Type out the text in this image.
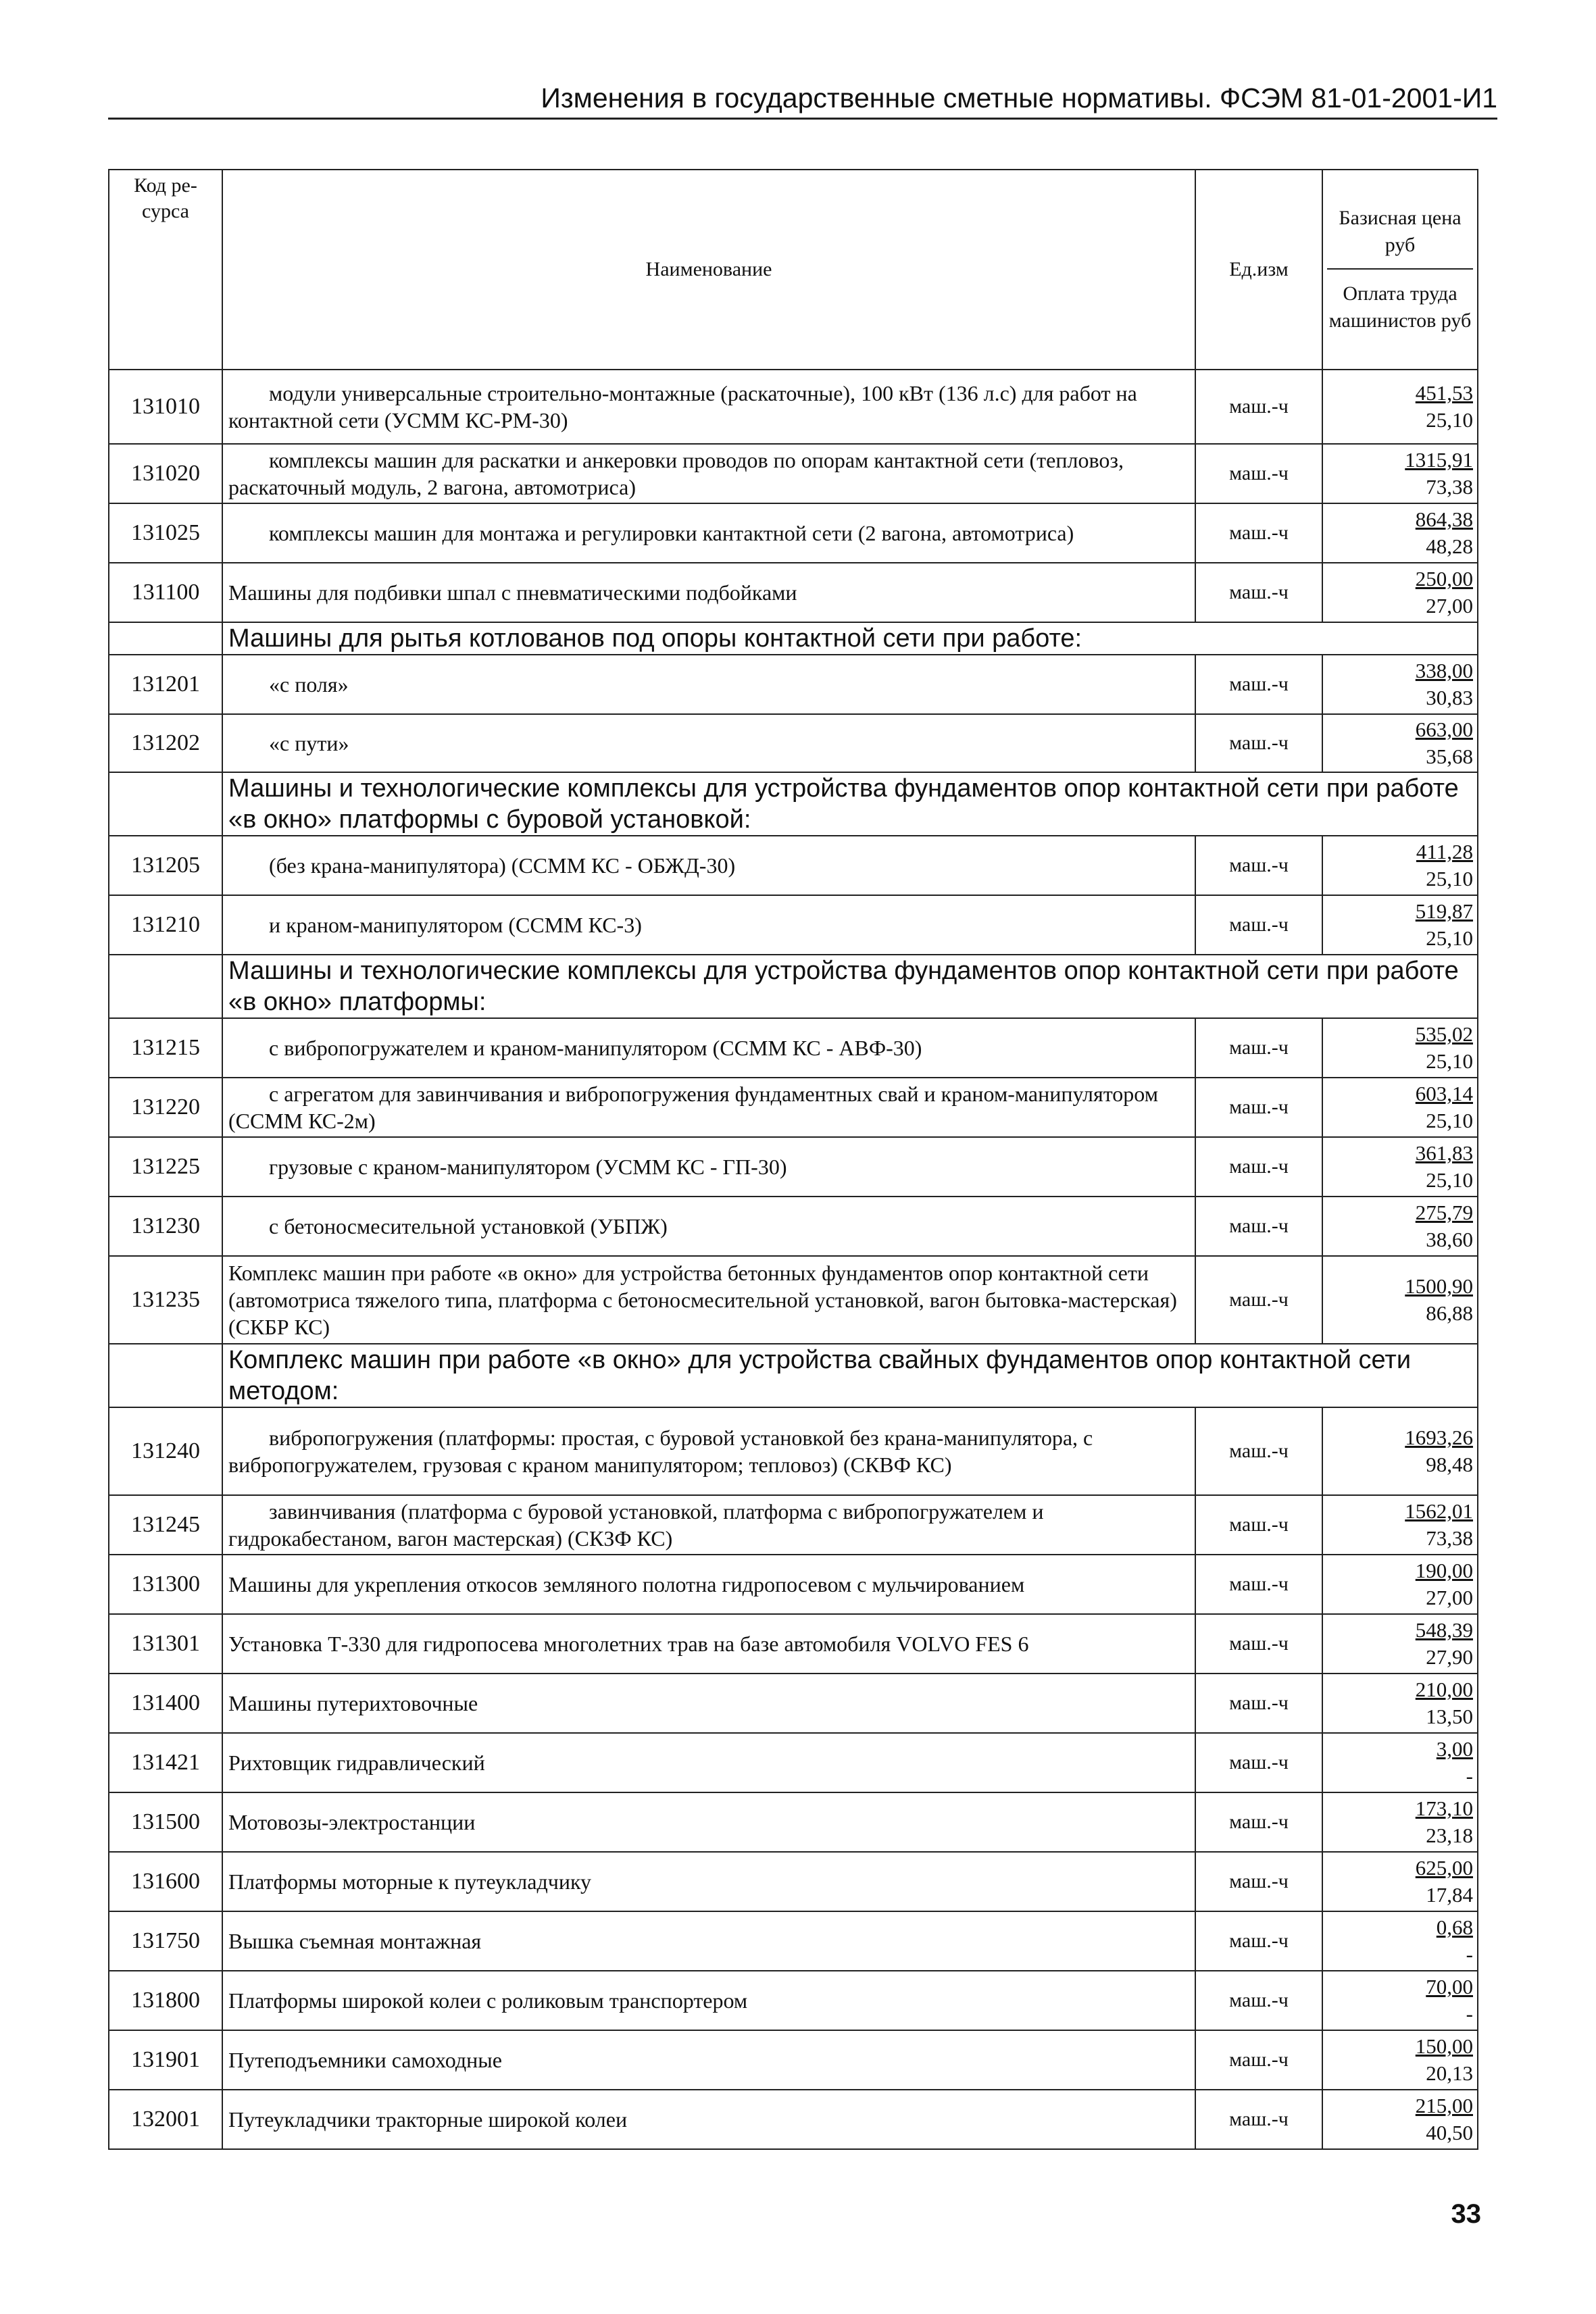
Изменения в государственные сметные нормативы. ФСЭМ 81-01-2001-И1
Код ре-сурса	Наименование	Ед.изм	Базисная цена руб
Оплата труда машинистов руб

131010	модули универсальные строительно-монтажные (раскаточные), 100 кВт (136 л.с) для работ на контактной сети (УСММ КС-РМ-30)	маш.-ч	451,53
25,10

131020	комплексы машин для раскатки и анкеровки проводов по опорам кантактной сети (тепловоз, раскаточный модуль, 2 вагона, автомотриса)	маш.-ч	1315,91
73,38

131025	комплексы машин для монтажа и регулировки кантактной сети (2 вагона, автомотриса)	маш.-ч	864,38
48,28

131100	Машины для подбивки шпал с пневматическими подбойками	маш.-ч	250,00
27,00

	Машины для рытья котлованов под опоры контактной сети при работе:		
131201	«с поля»	маш.-ч	338,00
30,83

131202	«с пути»	маш.-ч	663,00
35,68

	Машины и технологические комплексы для устройства фундаментов опор контактной сети при работе «в окно» платформы с буровой установкой:		
131205	(без крана-манипулятора) (ССММ КС - ОБЖД-30)	маш.-ч	411,28
25,10

131210	и краном-манипулятором (ССММ КС-3)	маш.-ч	519,87
25,10

	Машины и технологические комплексы для устройства фундаментов опор контактной сети при работе «в окно» платформы:		
131215	с вибропогружателем и краном-манипулятором (ССММ КС - АВФ-30)	маш.-ч	535,02
25,10

131220	с агрегатом для завинчивания и вибропогружения фундаментных свай и краном-манипулятором (ССММ КС-2м)	маш.-ч	603,14
25,10

131225	грузовые с краном-манипулятором (УСММ КС - ГП-30)	маш.-ч	361,83
25,10

131230	с бетоносмесительной установкой (УБПЖ)	маш.-ч	275,79
38,60

131235	Комплекс машин при работе «в окно» для устройства бетонных фундаментов опор контактной сети (автомотриса тяжелого типа, платформа с бетоносмесительной установкой, вагон бытовка-мастерская) (СКБР КС)	маш.-ч	1500,90
86,88

	Комплекс машин при работе «в окно» для устройства свайных фундаментов опор контактной сети методом:		
131240	вибропогружения (платформы: простая, с буровой установкой без крана-манипулятора, с вибропогружателем, грузовая с краном манипулятором; тепловоз) (СКВФ КС)	маш.-ч	1693,26
98,48

131245	завинчивания (платформа с буровой установкой, платформа с вибропогружателем и гидрокабестаном, вагон мастерская) (СКЗФ КС)	маш.-ч	1562,01
73,38

131300	Машины для укрепления откосов земляного полотна гидропосевом с мульчированием	маш.-ч	190,00
27,00

131301	Установка Т-330 для гидропосева многолетних трав на базе автомобиля VOLVO FES 6	маш.-ч	548,39
27,90

131400	Машины путерихтовочные	маш.-ч	210,00
13,50

131421	Рихтовщик гидравлический	маш.-ч	3,00
-

131500	Мотовозы-электростанции	маш.-ч	173,10
23,18

131600	Платформы моторные к путеукладчику	маш.-ч	625,00
17,84

131750	Вышка съемная монтажная	маш.-ч	0,68
-

131800	Платформы широкой колеи с роликовым транспортером	маш.-ч	70,00
-

131901	Путеподъемники самоходные	маш.-ч	150,00
20,13

132001	Путеукладчики тракторные широкой колеи	маш.-ч	215,00
40,50
33
